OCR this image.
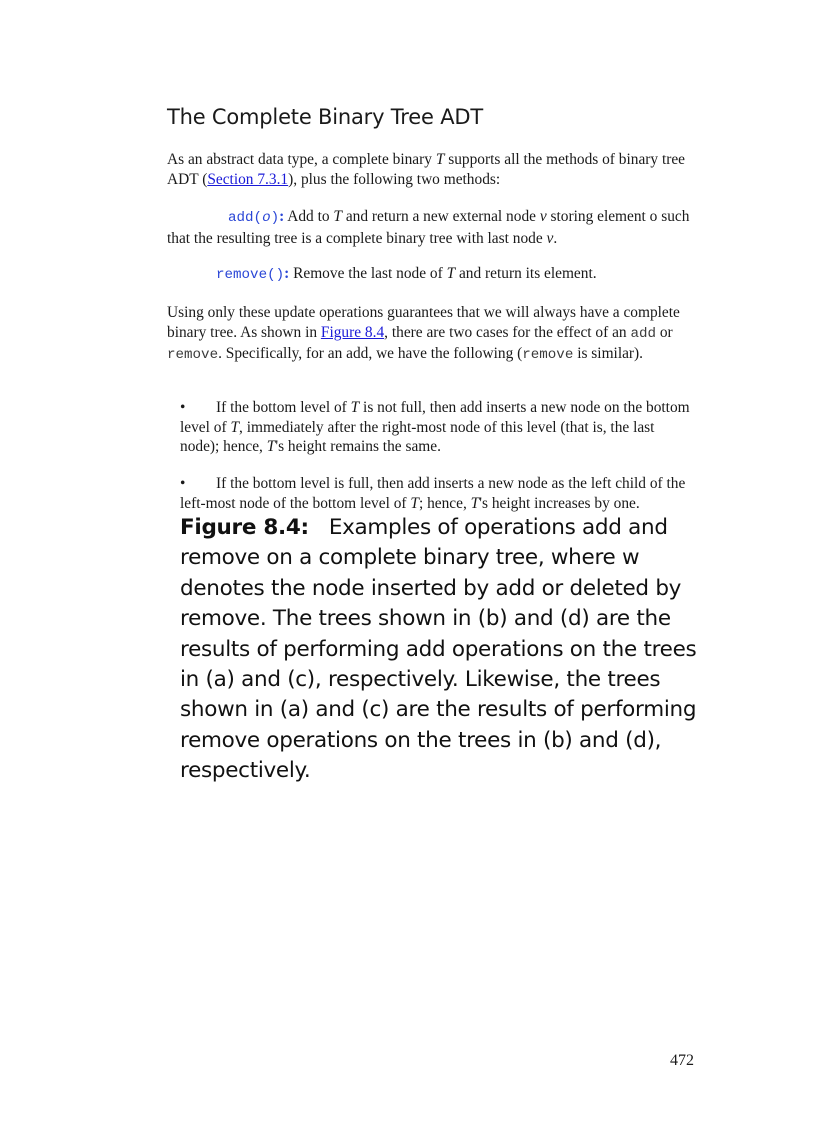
The Complete Binary Tree ADT
As an abstract data type, a complete binary T supports all the methods of binary tree ADT (Section 7.3.1), plus the following two methods:
add(o): Add to T and return a new external node v storing element o such that the resulting tree is a complete binary tree with last node v.
remove(): Remove the last node of T and return its element.
Using only these update operations guarantees that we will always have a complete binary tree. As shown in Figure 8.4, there are two cases for the effect of an add or remove. Specifically, for an add, we have the following (remove is similar).
• If the bottom level of T is not full, then add inserts a new node on the bottom level of T, immediately after the right-most node of this level (that is, the last node); hence, T's height remains the same.
• If the bottom level is full, then add inserts a new node as the left child of the left-most node of the bottom level of T; hence, T's height increases by one.
Figure 8.4: Examples of operations add and remove on a complete binary tree, where w denotes the node inserted by add or deleted by remove. The trees shown in (b) and (d) are the results of performing add operations on the trees in (a) and (c), respectively. Likewise, the trees shown in (a) and (c) are the results of performing remove operations on the trees in (b) and (d), respectively.
472
